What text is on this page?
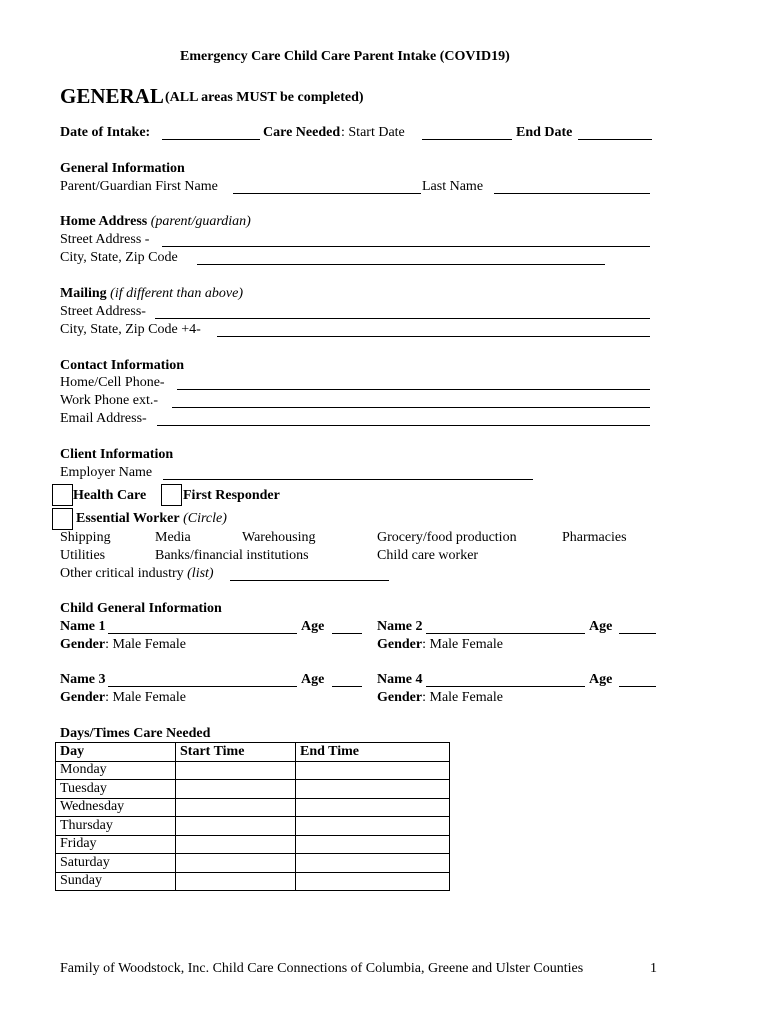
Emergency Care Child Care Parent Intake (COVID19)
GENERAL (ALL areas MUST be completed)
Date of Intake:	Care Needed : Start Date	End Date
General Information
Parent/Guardian First Name	Last Name
Home Address (parent/guardian)
Street Address -
City, State, Zip Code
Mailing (if different than above)
Street Address-
City, State, Zip Code +4-
Contact Information
Home/Cell Phone-
Work Phone ext.-
Email Address-
Client Information
Employer Name
Health Care	First Responder
Essential Worker (Circle)
Shipping	Media	Warehousing	Grocery/food production	Pharmacies
Utilities	Banks/financial institutions	Child care worker
Other critical industry (list)
Child General Information
Name 1	Age
Gender: Male Female
Name 2	Age
Gender: Male Female
Name 3	Age
Gender: Male Female
Name 4	Age
Gender: Male Female
Days/Times Care Needed
Day	Start Time	End Time
Monday		
Tuesday		
Wednesday		
Thursday		
Friday		
Saturday		
Sunday		
Family of Woodstock, Inc. Child Care Connections of Columbia, Greene and Ulster Counties	1
